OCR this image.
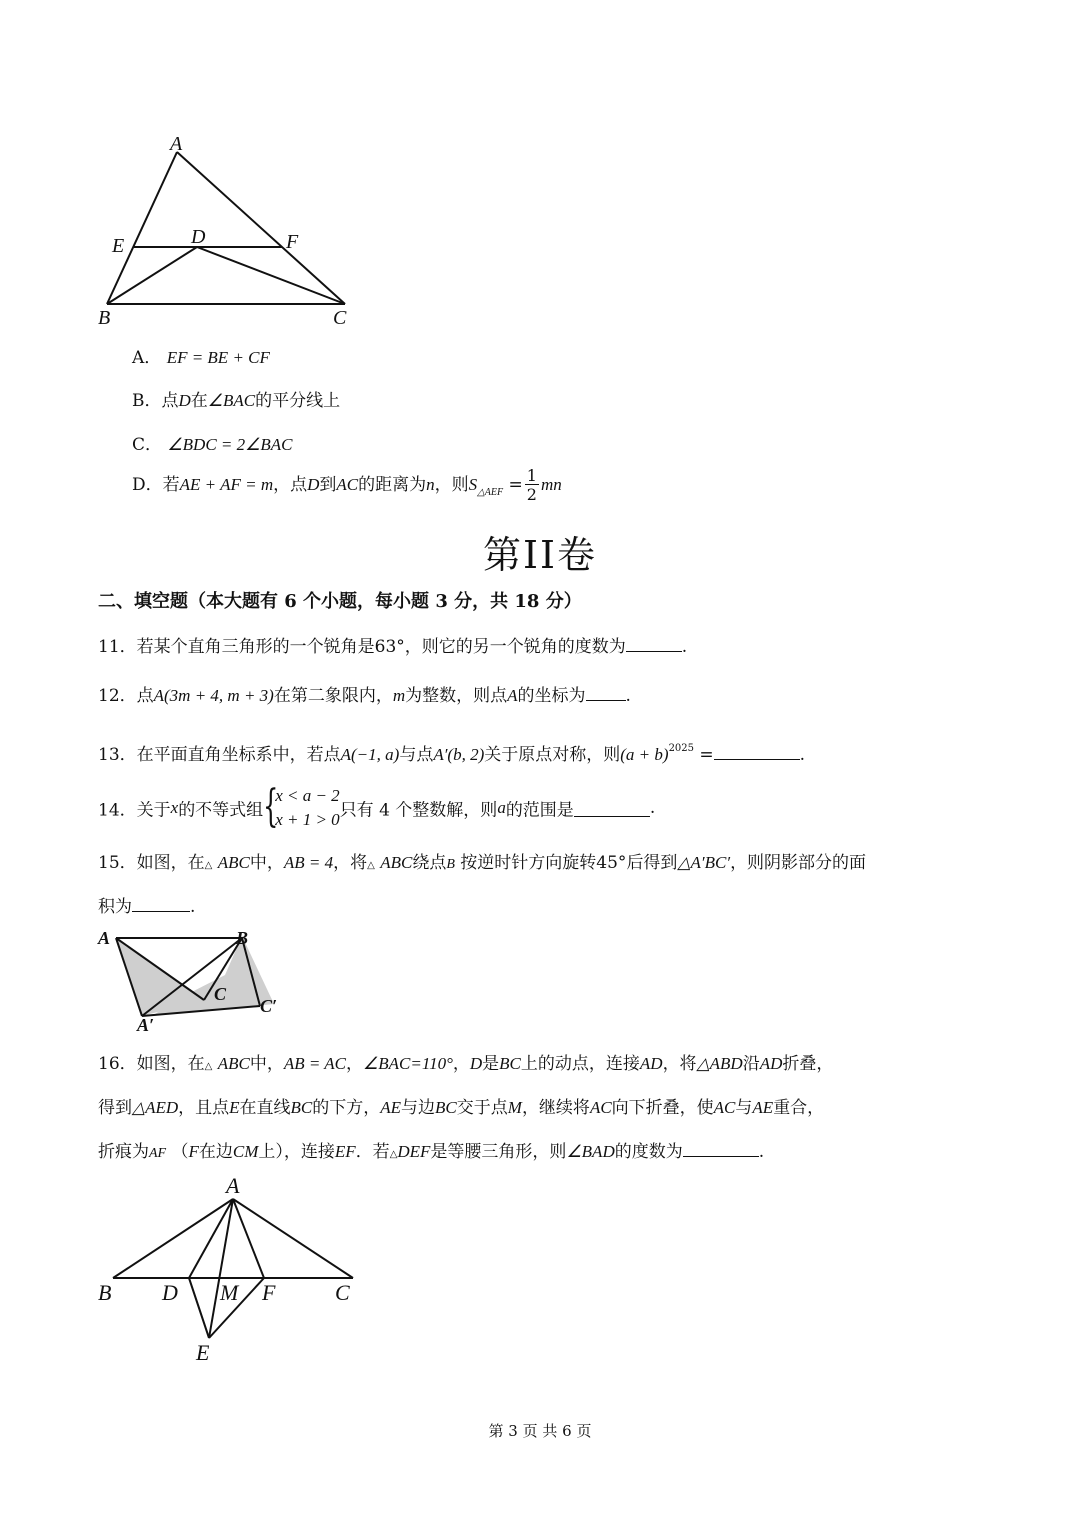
A
E	D	F
B	C
A． EF = BE + CF
B．点D在∠BAC的平分线上
C． ∠BDC = 2∠BAC
D．若AE + AF = m，点D到AC的距离为n，则$S_{\triangle AEF} = \frac{1}{2}$ mn
第II卷
二、填空题（本大题有 6 个小题，每小题 3 分，共 18 分）
11．若某个直角三角形的一个锐角是63°，则它的另一个锐角的度数为	.
12．点A(3m + 4, m + 3)在第二象限内，m为整数，则点A的坐标为 .
13．在平面直角坐标系中，若点A(−1, a)与点A′(b, 2)关于原点对称，则$(a + b)^{2025}$ =	.
14．关于x的不等式组 {
x < a − 2
x + 1 > 0 只有 4 个整数解，则a的范围是	.
15．如图，在△ ABC中，AB = 4，将△ ABC绕点B 按逆时针方向旋转45°后得到△A′BC′，则阴影部分的面
积为	.
A	B
C
A′
C′
16．如图，在△ ABC中，AB = AC，∠BAC=110°，D是BC上的动点，连接AD，将△ABD沿AD折叠，
得到△AED，且点E在直线BC的下方，AE与边BC交于点M，继续将AC向下折叠，使AC与AE重合，
折痕为AF （F在边CM上），连接EF．若△DEF是等腰三角形，则∠BAD的度数为	.
A
B D M F	C
E
第 3 页 共 6 页
